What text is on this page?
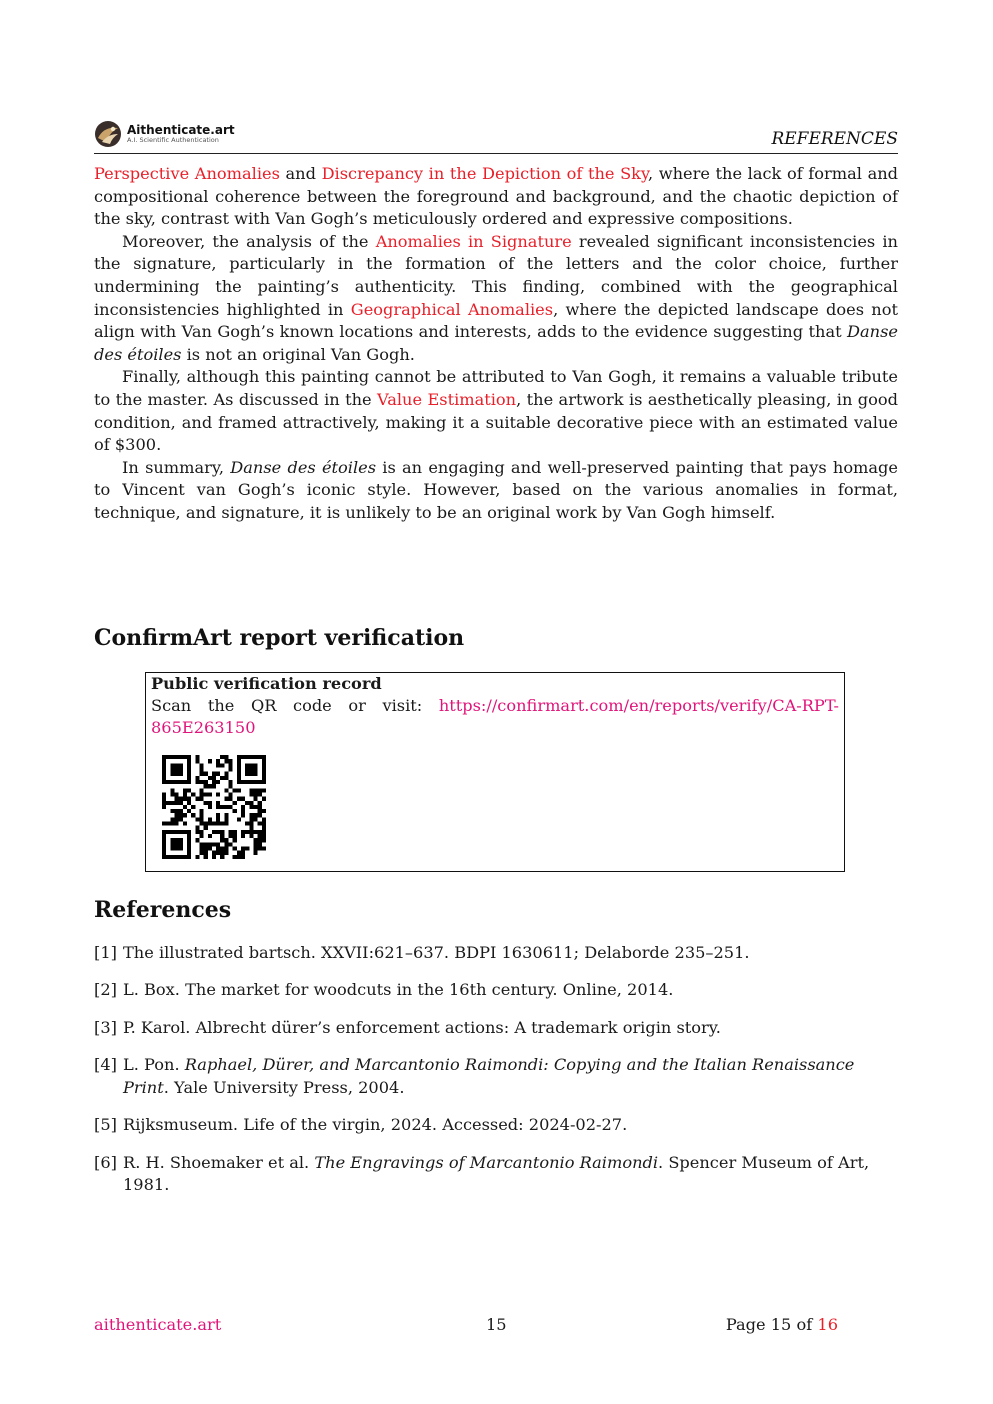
Aithenticate.art
A.I. Scientific Authentication	REFERENCES

Perspective Anomalies and Discrepancy in the Depiction of the Sky, where the lack of formal and compositional coherence between the foreground and background, and the chaotic depiction of the sky, contrast with Van Gogh’s meticulously ordered and expressive compositions.

Moreover, the analysis of the Anomalies in Signature revealed significant inconsistencies in the signature, particularly in the formation of the letters and the color choice, further undermining the painting’s authenticity. This finding, combined with the geographical inconsistencies highlighted in Geographical Anomalies, where the depicted landscape does not align with Van Gogh’s known locations and interests, adds to the evidence suggesting that Danse des étoiles is not an original Van Gogh.

Finally, although this painting cannot be attributed to Van Gogh, it remains a valuable tribute to the master. As discussed in the Value Estimation, the artwork is aesthetically pleasing, in good condition, and framed attractively, making it a suitable decorative piece with an estimated value of $300.

In summary, Danse des étoiles is an engaging and well-preserved painting that pays homage to Vincent van Gogh’s iconic style. However, based on the various anomalies in format, technique, and signature, it is unlikely to be an original work by Van Gogh himself.

ConfirmArt report verification
Public verification record
Scan the QR code or visit: https://confirmart.com/en/reports/verify/CA-RPT-
865E263150
References
[1] The illustrated bartsch. XXVII:621–637. BDPI 1630611; Delaborde 235–251.
[2] L. Box. The market for woodcuts in the 16th century. Online, 2014.
[3] P. Karol. Albrecht dürer’s enforcement actions: A trademark origin story.
[4] L. Pon. Raphael, Dürer, and Marcantonio Raimondi: Copying and the Italian Renaissance Print. Yale University Press, 2004.
[5] Rijksmuseum. Life of the virgin, 2024. Accessed: 2024-02-27.
[6] R. H. Shoemaker et al. The Engravings of Marcantonio Raimondi. Spencer Museum of Art, 1981.
aithenticate.art	15	Page 15 of 16
